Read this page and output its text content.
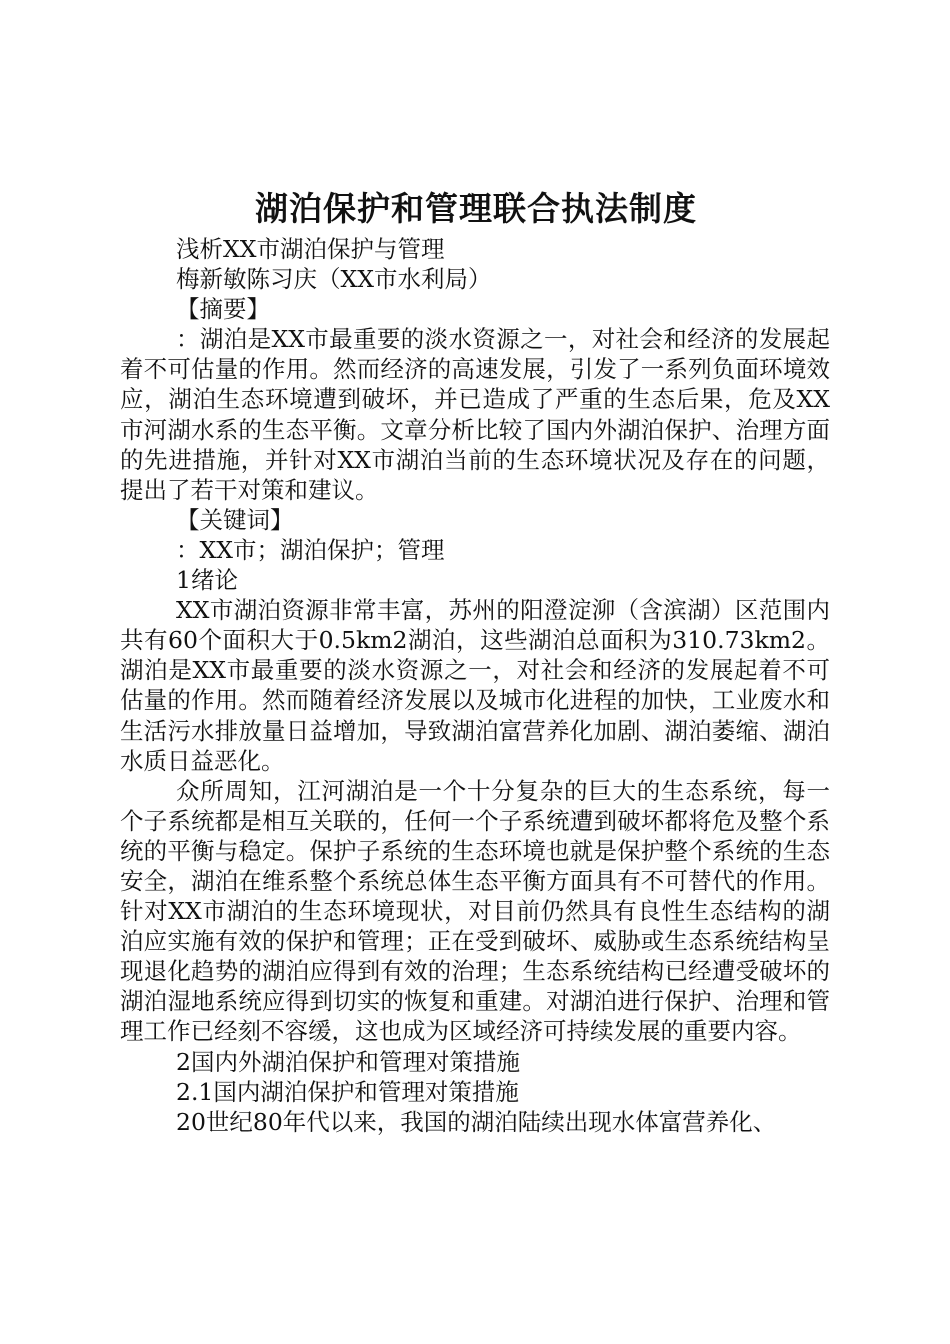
湖泊保护和管理联合执法制度

浅析XX市湖泊保护与管理

梅新敏陈习庆（XX市水利局）

【摘要】

：湖泊是XX市最重要的淡水资源之一，对社会和经济的发展起着不可估量的作用。然而经济的高速发展，引发了一系列负面环境效应，湖泊生态环境遭到破坏，并已造成了严重的生态后果，危及XX市河湖水系的生态平衡。文章分析比较了国内外湖泊保护、治理方面的先进措施，并针对XX市湖泊当前的生态环境状况及存在的问题，提出了若干对策和建议。

【关键词】

：XX市；湖泊保护；管理

1绪论

XX市湖泊资源非常丰富，苏州的阳澄淀泖（含滨湖）区范围内共有60个面积大于0.5km2湖泊，这些湖泊总面积为310.73km2。湖泊是XX市最重要的淡水资源之一，对社会和经济的发展起着不可估量的作用。然而随着经济发展以及城市化进程的加快，工业废水和生活污水排放量日益增加，导致湖泊富营养化加剧、湖泊萎缩、湖泊水质日益恶化。

众所周知，江河湖泊是一个十分复杂的巨大的生态系统，每一个子系统都是相互关联的，任何一个子系统遭到破坏都将危及整个系统的平衡与稳定。保护子系统的生态环境也就是保护整个系统的生态安全，湖泊在维系整个系统总体生态平衡方面具有不可替代的作用。针对XX市湖泊的生态环境现状，对目前仍然具有良性生态结构的湖泊应实施有效的保护和管理；正在受到破坏、威胁或生态系统结构呈现退化趋势的湖泊应得到有效的治理；生态系统结构已经遭受破坏的湖泊湿地系统应得到切实的恢复和重建。对湖泊进行保护、治理和管理工作已经刻不容缓，这也成为区域经济可持续发展的重要内容。

2国内外湖泊保护和管理对策措施

2.1国内湖泊保护和管理对策措施

20世纪80年代以来，我国的湖泊陆续出现水体富营养化、
